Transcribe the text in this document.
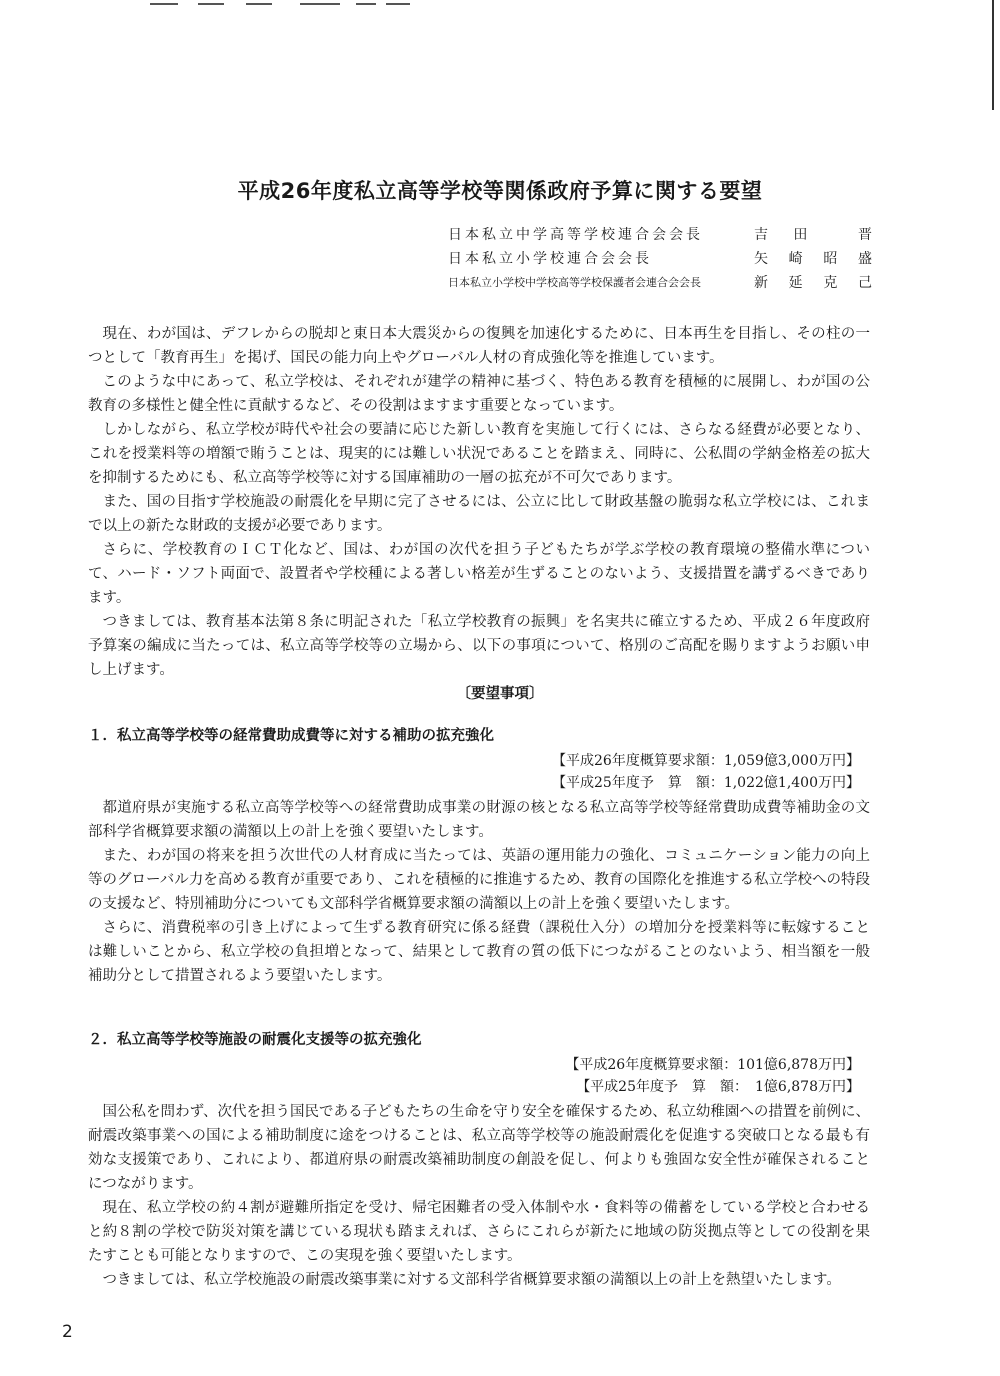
平成26年度私立高等学校等関係政府予算に関する要望
日本私立中学高等学校連合会会長	吉 田	晋
日本私立小学校連合会会長	矢 崎 昭 盛
日本私立小学校中学校高等学校保護者会連合会会長	新 延 克 己

現在、わが国は、デフレからの脱却と東日本大震災からの復興を加速化するために、日本再生を目指し、その柱の一つとして「教育再生」を掲げ、国民の能力向上やグローバル人材の育成強化等を推進しています。

このような中にあって、私立学校は、それぞれが建学の精神に基づく、特色ある教育を積極的に展開し、わが国の公教育の多様性と健全性に貢献するなど、その役割はますます重要となっています。

しかしながら、私立学校が時代や社会の要請に応じた新しい教育を実施して行くには、さらなる経費が必要となり、これを授業料等の増額で賄うことは、現実的には難しい状況であることを踏まえ、同時に、公私間の学納金格差の拡大を抑制するためにも、私立高等学校等に対する国庫補助の一層の拡充が不可欠であります。

また、国の目指す学校施設の耐震化を早期に完了させるには、公立に比して財政基盤の脆弱な私立学校には、これまで以上の新たな財政的支援が必要であります。

さらに、学校教育のＩＣＴ化など、国は、わが国の次代を担う子どもたちが学ぶ学校の教育環境の整備水準について、ハード・ソフト両面で、設置者や学校種による著しい格差が生ずることのないよう、支援措置を講ずるべきであります。

つきましては、教育基本法第８条に明記された「私立学校教育の振興」を名実共に確立するため、平成２６年度政府予算案の編成に当たっては、私立高等学校等の立場から、以下の事項について、格別のご高配を賜りますようお願い申し上げます。

〔要望事項〕
１．私立高等学校等の経常費助成費等に対する補助の拡充強化
【平成26年度概算要求額：1,059億3,000万円】
【平成25年度予　算　額：1,022億1,400万円】

都道府県が実施する私立高等学校等への経常費助成事業の財源の核となる私立高等学校等経常費助成費等補助金の文部科学省概算要求額の満額以上の計上を強く要望いたします。

また、わが国の将来を担う次世代の人材育成に当たっては、英語の運用能力の強化、コミュニケーション能力の向上等のグローバル力を高める教育が重要であり、これを積極的に推進するため、教育の国際化を推進する私立学校への特段の支援など、特別補助分についても文部科学省概算要求額の満額以上の計上を強く要望いたします。

さらに、消費税率の引き上げによって生ずる教育研究に係る経費（課税仕入分）の増加分を授業料等に転嫁することは難しいことから、私立学校の負担増となって、結果として教育の質の低下につながることのないよう、相当額を一般補助分として措置されるよう要望いたします。

２．私立高等学校等施設の耐震化支援等の拡充強化
【平成26年度概算要求額：101億6,878万円】
【平成25年度予　算　額：　1億6,878万円】

国公私を問わず、次代を担う国民である子どもたちの生命を守り安全を確保するため、私立幼稚園への措置を前例に、耐震改築事業への国による補助制度に途をつけることは、私立高等学校等の施設耐震化を促進する突破口となる最も有効な支援策であり、これにより、都道府県の耐震改築補助制度の創設を促し、何よりも強固な安全性が確保されることにつながります。

現在、私立学校の約４割が避難所指定を受け、帰宅困難者の受入体制や水・食料等の備蓄をしている学校と合わせると約８割の学校で防災対策を講じている現状も踏まえれば、さらにこれらが新たに地域の防災拠点等としての役割を果たすことも可能となりますので、この実現を強く要望いたします。

つきましては、私立学校施設の耐震改築事業に対する文部科学省概算要求額の満額以上の計上を熱望いたします。

2
